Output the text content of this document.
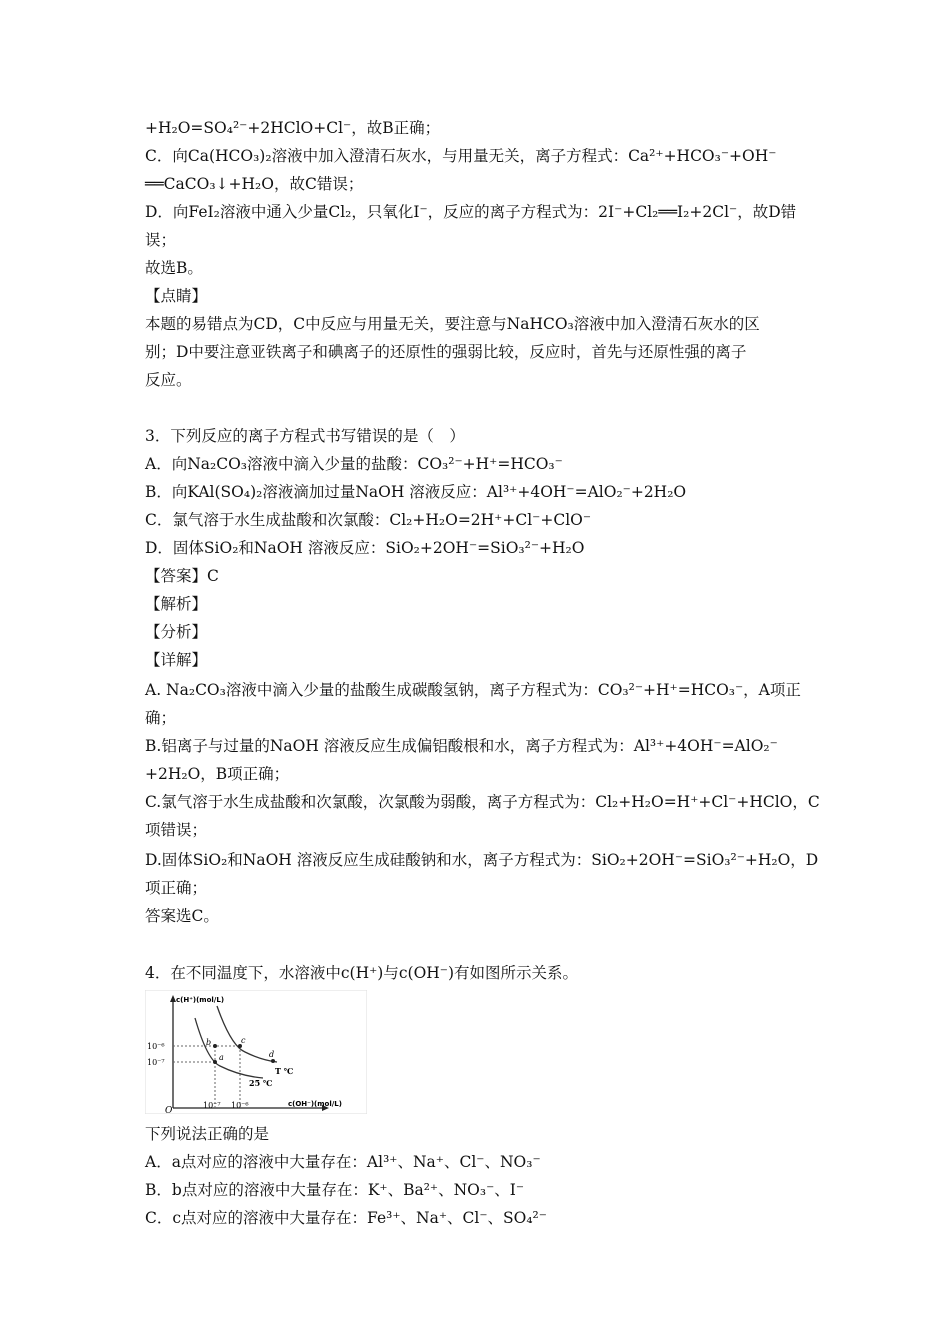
+H₂O=SO₄²⁻+2HClO+Cl⁻，故B正确；
C．向Ca(HCO₃)₂溶液中加入澄清石灰水，与用量无关，离子方程式：Ca²⁺+HCO₃⁻+OH⁻
══CaCO₃↓+H₂O，故C错误；
D．向FeI₂溶液中通入少量Cl₂，只氧化I⁻，反应的离子方程式为：2I⁻+Cl₂══I₂+2Cl⁻，故D错
误；
故选B。
【点睛】
本题的易错点为CD，C中反应与用量无关，要注意与NaHCO₃溶液中加入澄清石灰水的区
别；D中要注意亚铁离子和碘离子的还原性的强弱比较，反应时，首先与还原性强的离子
反应。
3．下列反应的离子方程式书写错误的是（　）
A．向Na₂CO₃溶液中滴入少量的盐酸：CO₃²⁻+H⁺=HCO₃⁻
B．向KAl(SO₄)₂溶液滴加过量NaOH 溶液反应：Al³⁺+4OH⁻=AlO₂⁻+2H₂O
C．氯气溶于水生成盐酸和次氯酸：Cl₂+H₂O=2H⁺+Cl⁻+ClO⁻
D．固体SiO₂和NaOH 溶液反应：SiO₂+2OH⁻=SiO₃²⁻+H₂O
【答案】C
【解析】
【分析】
【详解】
A. Na₂CO₃溶液中滴入少量的盐酸生成碳酸氢钠，离子方程式为：CO₃²⁻+H⁺=HCO₃⁻，A项正
确；
B.铝离子与过量的NaOH 溶液反应生成偏铝酸根和水，离子方程式为：Al³⁺+4OH⁻=AlO₂⁻
+2H₂O，B项正确；
C.氯气溶于水生成盐酸和次氯酸，次氯酸为弱酸，离子方程式为：Cl₂+H₂O=H⁺+Cl⁻+HClO，C
项错误；
D.固体SiO₂和NaOH 溶液反应生成硅酸钠和水，离子方程式为：SiO₂+2OH⁻=SiO₃²⁻+H₂O，D
项正确；
答案选C。
4．在不同温度下，水溶液中c(H⁺)与c(OH⁻)有如图所示关系。
c(H⁺)(mol/L)
10⁻⁶
10⁻⁷
10⁻⁷ 10⁻⁶	c(OH⁻)(mol/L)
O
a
b	c
d
T ℃
25 ℃
下列说法正确的是
A．a点对应的溶液中大量存在：Al³⁺、Na⁺、Cl⁻、NO₃⁻
B．b点对应的溶液中大量存在：K⁺、Ba²⁺、NO₃⁻、I⁻
C．c点对应的溶液中大量存在：Fe³⁺、Na⁺、Cl⁻、SO₄²⁻
